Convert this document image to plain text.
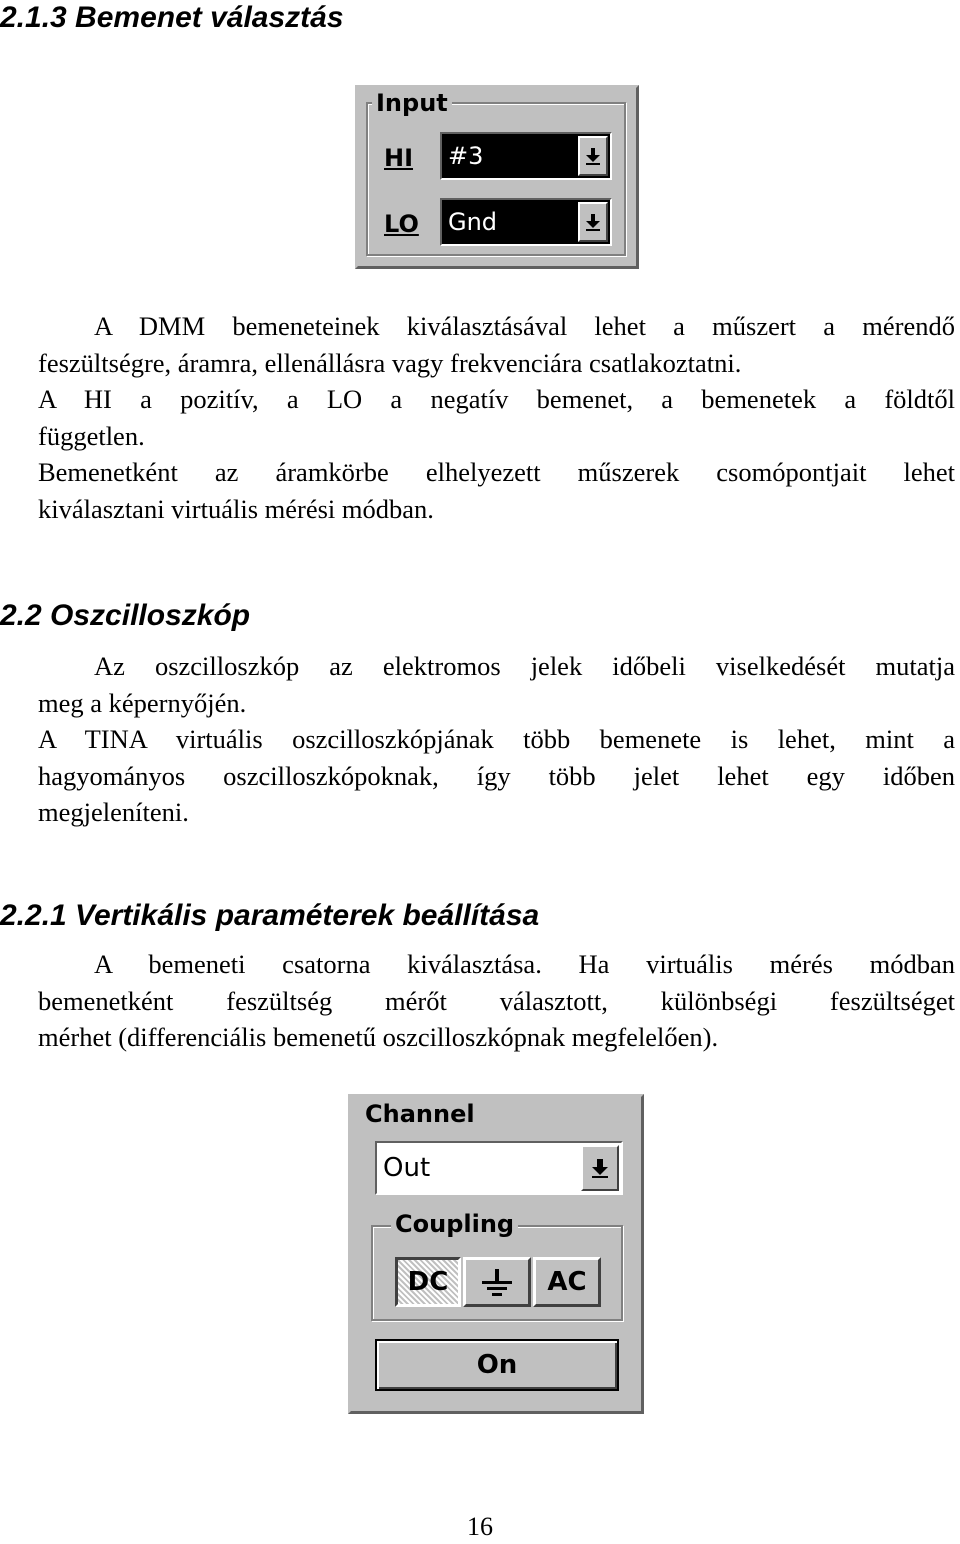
2.1.3 Bemenet választás
Input
HI #3
LO Gnd
A DMM bemeneteinek kiválasztásával lehet a műszert a mérendő
feszültségre, áramra, ellenállásra vagy frekvenciára csatlakoztatni.
A HI a pozitív, a LO a negatív bemenet, a bemenetek a földtől
független.
Bemenetként az áramkörbe elhelyezett műszerek csomópontjait lehet
kiválasztani virtuális mérési módban.
2.2 Oszcilloszkóp
Az oszcilloszkóp az elektromos jelek időbeli viselkedését mutatja
meg a képernyőjén.
A TINA virtuális oszcilloszkópjának több bemenete is lehet, mint a
hagyományos oszcilloszkópoknak, így több jelet lehet egy időben
megjeleníteni.
2.2.1 Vertikális paraméterek beállítása
A bemeneti csatorna kiválasztása. Ha virtuális mérés módban
bemenetként feszültség mérőt választott, különbségi feszültséget
mérhet (differenciális bemenetű oszcilloszkópnak megfelelően).
Channel
Out
Coupling
DC	AC
On
16
